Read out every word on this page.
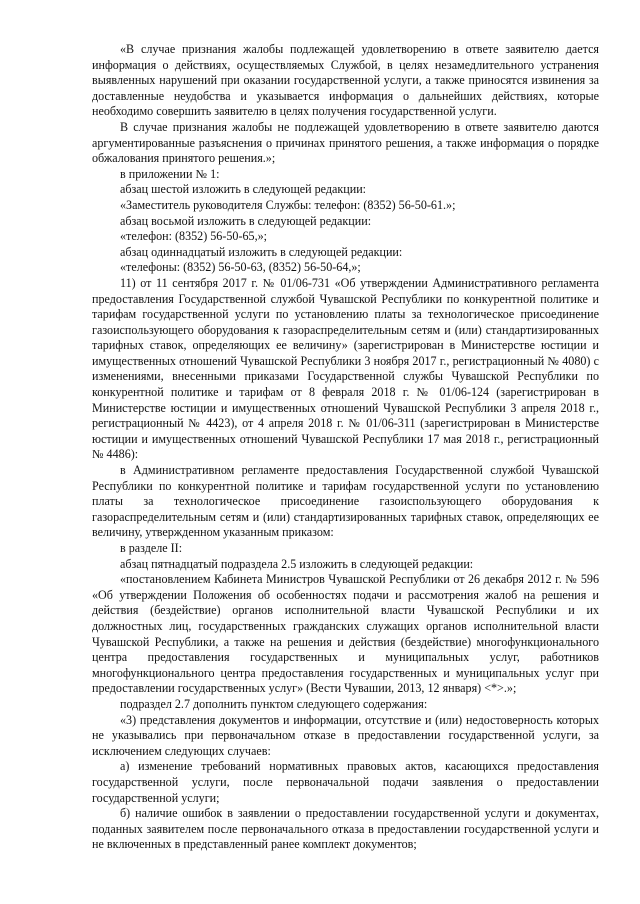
«В случае признания жалобы подлежащей удовлетворению в ответе заявителю дается информация о действиях, осуществляемых Службой, в целях незамедлительного устранения выявленных нарушений при оказании государственной услуги, а также приносятся извинения за доставленные неудобства и указывается информация о дальнейших действиях, которые необходимо совершить заявителю в целях получения государственной услуги.

В случае признания жалобы не подлежащей удовлетворению в ответе заявителю даются аргументированные разъяснения о причинах принятого решения, а также информация о порядке обжалования принятого решения.»;

в приложении № 1:

абзац шестой изложить в следующей редакции:

«Заместитель руководителя Службы: телефон: (8352) 56-50-61.»;

абзац восьмой изложить в следующей редакции:

«телефон: (8352) 56-50-65,»;

абзац одиннадцатый изложить в следующей редакции:

«телефоны: (8352) 56-50-63, (8352) 56-50-64,»;

11) от 11 сентября 2017 г. № 01/06-731 «Об утверждении Административного регламента предоставления Государственной службой Чувашской Республики по конкурентной политике и тарифам государственной услуги по установлению платы за технологическое присоединение газоиспользующего оборудования к газораспределительным сетям и (или) стандартизированных тарифных ставок, определяющих ее величину» (зарегистрирован в Министерстве юстиции и имущественных отношений Чувашской Республики 3 ноября 2017 г., регистрационный № 4080) с изменениями, внесенными приказами Государственной службы Чувашской Республики по конкурентной политике и тарифам от 8 февраля 2018 г. № 01/06-124 (зарегистрирован в Министерстве юстиции и имущественных отношений Чувашской Республики 3 апреля 2018 г., регистрационный № 4423), от 4 апреля 2018 г. № 01/06-311 (зарегистрирован в Министерстве юстиции и имущественных отношений Чувашской Республики 17 мая 2018 г., регистрационный № 4486):

в Административном регламенте предоставления Государственной службой Чувашской Республики по конкурентной политике и тарифам государственной услуги по установлению платы за технологическое присоединение газоиспользующего оборудования к газораспределительным сетям и (или) стандартизированных тарифных ставок, определяющих ее величину, утвержденном указанным приказом:

в разделе II:

абзац пятнадцатый подраздела 2.5 изложить в следующей редакции:

«постановлением Кабинета Министров Чувашской Республики от 26 декабря 2012 г. № 596 «Об утверждении Положения об особенностях подачи и рассмотрения жалоб на решения и действия (бездействие) органов исполнительной власти Чувашской Республики и их должностных лиц, государственных гражданских служащих органов исполнительной власти Чувашской Республики, а также на решения и действия (бездействие) многофункционального центра предоставления государственных и муниципальных услуг, работников многофункционального центра предоставления государственных и муниципальных услуг при предоставлении государственных услуг» (Вести Чувашии, 2013, 12 января) <*>.»;

подраздел 2.7 дополнить пунктом следующего содержания:

«3) представления документов и информации, отсутствие и (или) недостоверность которых не указывались при первоначальном отказе в предоставлении государственной услуги, за исключением следующих случаев:

а) изменение требований нормативных правовых актов, касающихся предоставления государственной услуги, после первоначальной подачи заявления о предоставлении государственной услуги;

б) наличие ошибок в заявлении о предоставлении государственной услуги и документах, поданных заявителем после первоначального отказа в предоставлении государственной услуги и не включенных в представленный ранее комплект документов;
